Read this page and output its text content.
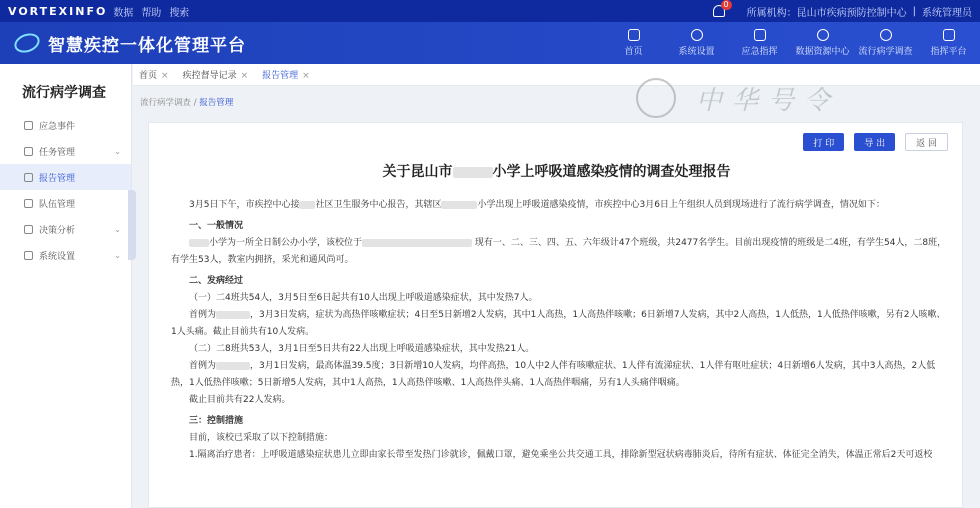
VORTEXINFO 数据 帮助 搜索
0
所属机构：昆山市疾病预防控制中心 | 系统管理员
智慧疾控一体化管理平台	首页	系统设置	应急指挥 数据资源中心 流行病学调查 指挥平台
流行病学调查
应急事件
任务管理	⌄
报告管理
队伍管理
决策分析	⌄
系统设置	⌄
首页 × 疾控督导记录 × 报告管理 ×
流行病学调查 / 报告管理	中华号令
打 印	导 出	返 回
关于昆山市	小学上呼吸道感染疫情的调查处理报告

3月5日下午，市疾控中心接 社区卫生服务中心报告，其辖区	小学出现上呼吸道感染疫情，市疾控中心3月6日上午组织人员到现场进行了流行病学调查，情况如下：

一、一般情况

小学为一所全日制公办小学，该校位于	现有一、二、三、四、五、六年级计47个班级，共2477名学生。目前出现疫情的班级是二4班，有学生54人，二8班，有学生53人，教室内拥挤，采光和通风尚可。

二、发病经过

（一）二4班共54人，3月5日至6日起共有10人出现上呼吸道感染症状，其中发热7人。

首例为	，3月3日发病，症状为高热伴咳嗽症状；4日至5日新增2人发病，其中1人高热，1人高热伴咳嗽；6日新增7人发病，其中2人高热，1人低热，1人低热伴咳嗽，另有2人咳嗽、1人头痛。截止目前共有10人发病。

（二）二8班共53人，3月1日至5日共有22人出现上呼吸道感染症状，其中发热21人。

首例为	，3月1日发病，最高体温39.5度；3日新增10人发病，均伴高热，10人中2人伴有咳嗽症状、1人伴有流涕症状、1人伴有呕吐症状；4日新增6人发病，其中3人高热，2人低热，1人低热伴咳嗽；5日新增5人发病，其中1人高热，1人高热伴咳嗽、1人高热伴头痛、1人高热伴咽痛，另有1人头痛伴咽痛。

截止目前共有22人发病。

三：控制措施

目前，该校已采取了以下控制措施：

1.隔离治疗患者：上呼吸道感染症状患儿立即由家长带至发热门诊就诊，佩戴口罩，避免乘坐公共交通工具，排除新型冠状病毒肺炎后，待所有症状、体征完全消失，体温正常后2天可返校
